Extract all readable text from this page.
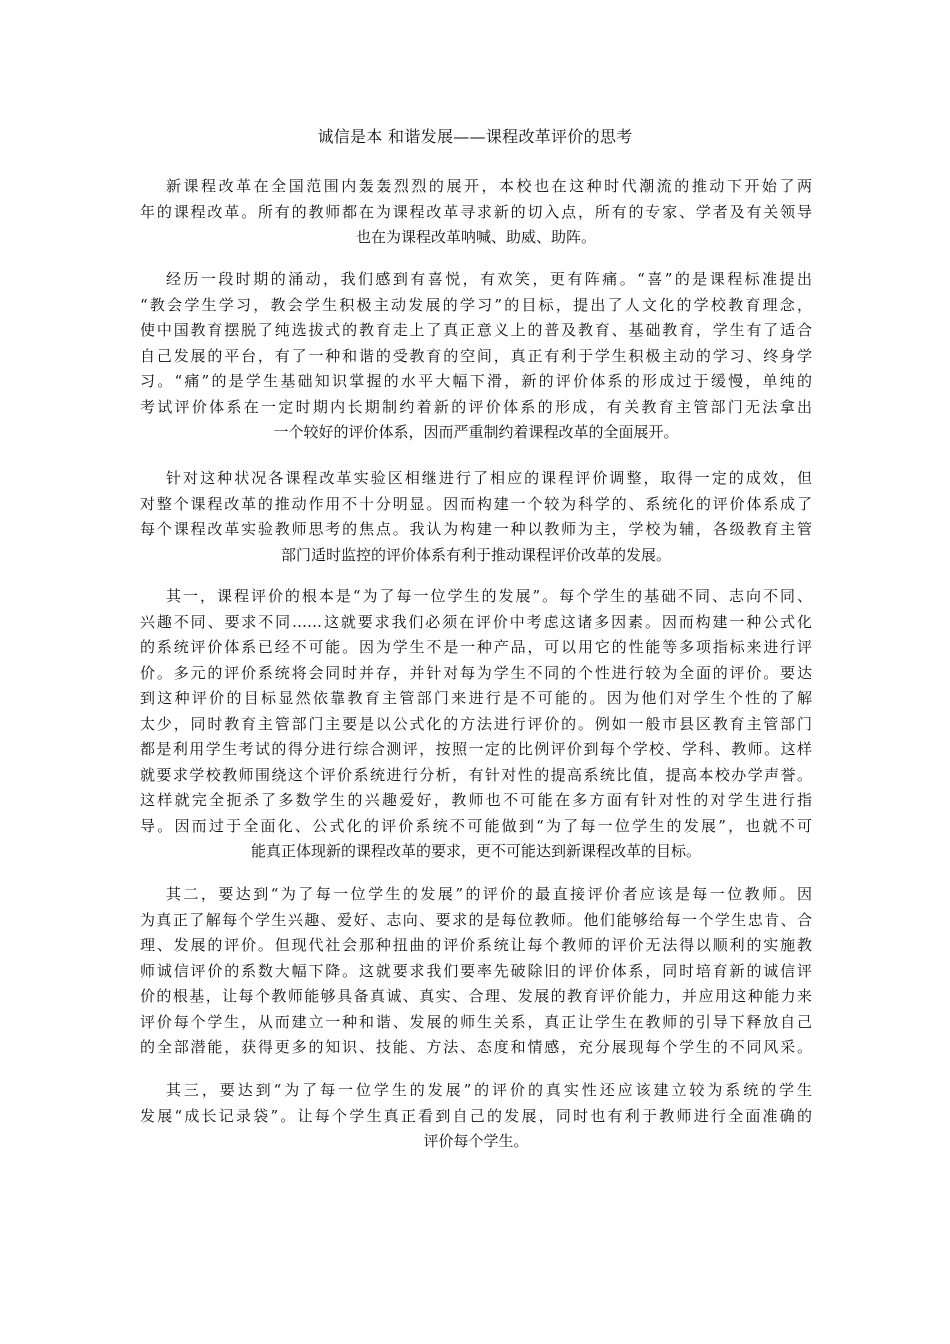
诚信是本 和谐发展——课程改革评价的思考
新课程改革在全国范围内轰轰烈烈的展开，本校也在这种时代潮流的推动下开始了两
年的课程改革。所有的教师都在为课程改革寻求新的切入点，所有的专家、学者及有关领导
也在为课程改革呐喊、助威、助阵。
经历一段时期的涌动，我们感到有喜悦，有欢笑，更有阵痛。“喜”的是课程标准提出
“教会学生学习，教会学生积极主动发展的学习”的目标，提出了人文化的学校教育理念，
使中国教育摆脱了纯选拔式的教育走上了真正意义上的普及教育、基础教育，学生有了适合
自己发展的平台，有了一种和谐的受教育的空间，真正有利于学生积极主动的学习、终身学
习。“痛”的是学生基础知识掌握的水平大幅下滑，新的评价体系的形成过于缓慢，单纯的
考试评价体系在一定时期内长期制约着新的评价体系的形成，有关教育主管部门无法拿出
一个较好的评价体系，因而严重制约着课程改革的全面展开。
针对这种状况各课程改革实验区相继进行了相应的课程评价调整，取得一定的成效，但
对整个课程改革的推动作用不十分明显。因而构建一个较为科学的、系统化的评价体系成了
每个课程改革实验教师思考的焦点。我认为构建一种以教师为主，学校为辅，各级教育主管
部门适时监控的评价体系有利于推动课程评价改革的发展。
其一，课程评价的根本是“为了每一位学生的发展”。每个学生的基础不同、志向不同、
兴趣不同、要求不同……这就要求我们必须在评价中考虑这诸多因素。因而构建一种公式化
的系统评价体系已经不可能。因为学生不是一种产品，可以用它的性能等多项指标来进行评
价。多元的评价系统将会同时并存，并针对每为学生不同的个性进行较为全面的评价。要达
到这种评价的目标显然依靠教育主管部门来进行是不可能的。因为他们对学生个性的了解
太少，同时教育主管部门主要是以公式化的方法进行评价的。例如一般市县区教育主管部门
都是利用学生考试的得分进行综合测评，按照一定的比例评价到每个学校、学科、教师。这样
就要求学校教师围绕这个评价系统进行分析，有针对性的提高系统比值，提高本校办学声誉。
这样就完全扼杀了多数学生的兴趣爱好，教师也不可能在多方面有针对性的对学生进行指
导。因而过于全面化、公式化的评价系统不可能做到“为了每一位学生的发展”，也就不可
能真正体现新的课程改革的要求，更不可能达到新课程改革的目标。
其二，要达到“为了每一位学生的发展”的评价的最直接评价者应该是每一位教师。因
为真正了解每个学生兴趣、爱好、志向、要求的是每位教师。他们能够给每一个学生忠肯、合
理、发展的评价。但现代社会那种扭曲的评价系统让每个教师的评价无法得以顺利的实施教
师诚信评价的系数大幅下降。这就要求我们要率先破除旧的评价体系，同时培育新的诚信评
价的根基，让每个教师能够具备真诚、真实、合理、发展的教育评价能力，并应用这种能力来
评价每个学生，从而建立一种和谐、发展的师生关系，真正让学生在教师的引导下释放自己
的全部潜能，获得更多的知识、技能、方法、态度和情感，充分展现每个学生的不同风采。
其三，要达到“为了每一位学生的发展”的评价的真实性还应该建立较为系统的学生
发展“成长记录袋”。让每个学生真正看到自己的发展，同时也有利于教师进行全面准确的
评价每个学生。
